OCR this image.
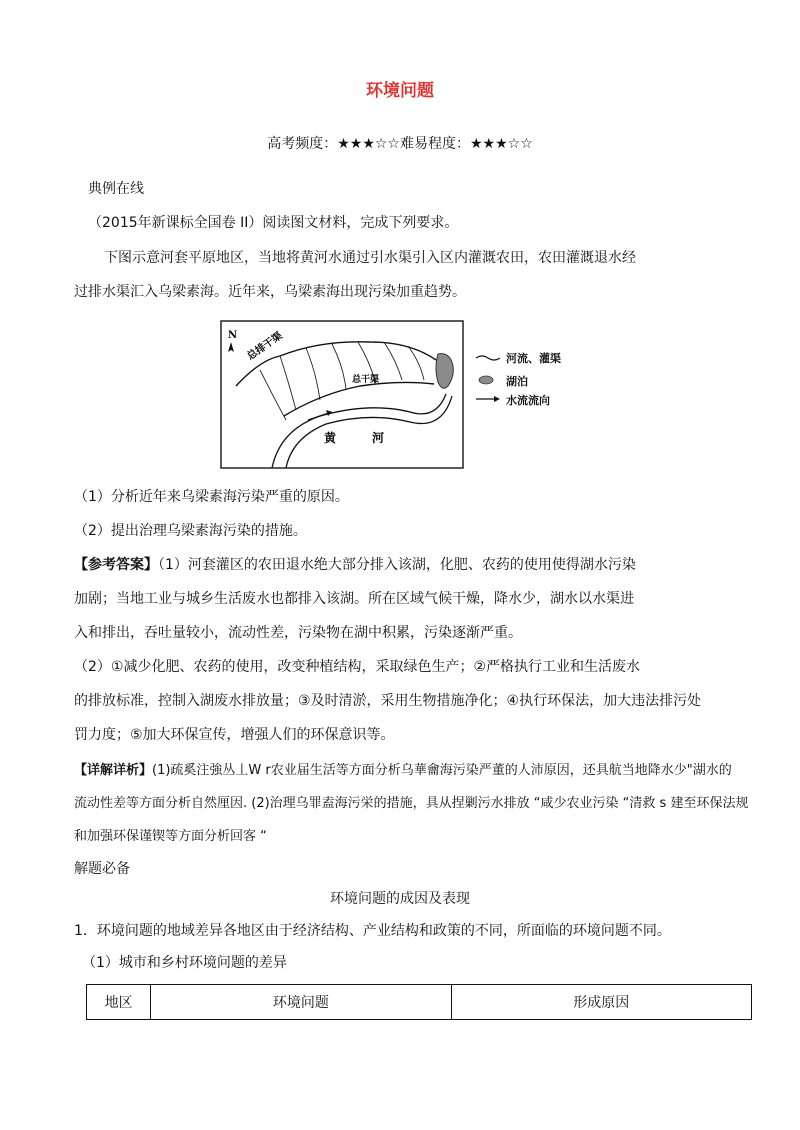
环境问题
高考频度：★★★☆☆难易程度：★★★☆☆
典例在线
（2015年新课标全国卷 II）阅读图文材料，完成下列要求。
下图示意河套平原地区，当地将黄河水通过引水渠引入区内灌溉农田，农田灌溉退水经
过排水渠汇入乌梁素海。近年来，乌梁素海出现污染加重趋势。
N 总排干渠
总干渠
黄	河
河流、灌渠
湖泊
水流流向
（1）分析近年来乌梁素海污染严重的原因。
（2）提出治理乌梁素海污染的措施。
【参考答案】（1）河套灌区的农田退水绝大部分排入该湖，化肥、农药的使用使得湖水污染
加剧；当地工业与城乡生活废水也都排入该湖。所在区域气候干燥，降水少，湖水以水渠进
入和排出，吞吐量较小，流动性差，污染物在湖中积累，污染逐渐严重。
（2）①减少化肥、农药的使用，改变种植结构，采取绿色生产；②严格执行工业和生活废水
的排放标准，控制入湖废水排放量；③及时清淤，采用生物措施净化；④执行环保法，加大违法排污处
罚力度；⑤加大环保宣传，增强人们的环保意识等。
【详解详析】(1)疏奚注強丛丄W r农业届生活等方面分析乌華龠海污染严董的人沛原因，还具航当地降水少"湖水的
流动性差等方面分析自然厘因. (2)治理乌罪盍海污栄的措施，具从捏剿污水排放 “咸少农业污染 “清救 s 建至环保法规
和加强环保谨锲等方面分析回客 “
解题必备
环境问题的成因及表现
1．环境问题的地域差异各地区由于经济结构、产业结构和政策的不同，所面临的环境问题不同。
（1）城市和乡村环境问题的差异
地区	环境问题	形成原因
